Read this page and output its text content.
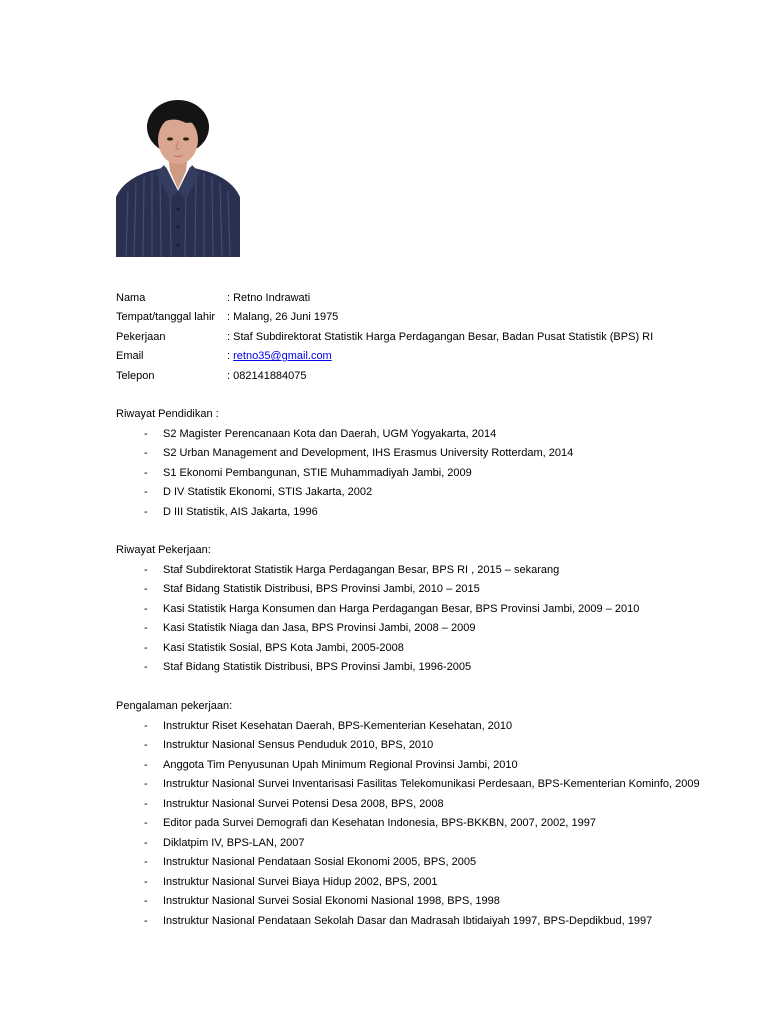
Nama	: Retno Indrawati
Tempat/tanggal lahir : Malang, 26 Juni 1975
Pekerjaan	: Staf Subdirektorat Statistik Harga Perdagangan Besar, Badan Pusat Statistik (BPS) RI
Email	: retno35@gmail.com
Telepon	: 082141884075
Riwayat Pendidikan :
- S2 Magister Perencanaan Kota dan Daerah, UGM Yogyakarta, 2014
- S2 Urban Management and Development, IHS Erasmus University Rotterdam, 2014
- S1 Ekonomi Pembangunan, STIE Muhammadiyah Jambi, 2009
- D IV Statistik Ekonomi, STIS Jakarta, 2002
- D III Statistik, AIS Jakarta, 1996
Riwayat Pekerjaan:
- Staf Subdirektorat Statistik Harga Perdagangan Besar, BPS RI , 2015 – sekarang
- Staf Bidang Statistik Distribusi, BPS Provinsi Jambi, 2010 – 2015
- Kasi Statistik Harga Konsumen dan Harga Perdagangan Besar, BPS Provinsi Jambi, 2009 – 2010
- Kasi Statistik Niaga dan Jasa, BPS Provinsi Jambi, 2008 – 2009
- Kasi Statistik Sosial, BPS Kota Jambi, 2005-2008
- Staf Bidang Statistik Distribusi, BPS Provinsi Jambi, 1996-2005
Pengalaman pekerjaan:
- Instruktur Riset Kesehatan Daerah, BPS-Kementerian Kesehatan, 2010
- Instruktur Nasional Sensus Penduduk 2010, BPS, 2010
- Anggota Tim Penyusunan Upah Minimum Regional Provinsi Jambi, 2010
- Instruktur Nasional Survei Inventarisasi Fasilitas Telekomunikasi Perdesaan, BPS-Kementerian Kominfo, 2009
- Instruktur Nasional Survei Potensi Desa 2008, BPS, 2008
- Editor pada Survei Demografi dan Kesehatan Indonesia, BPS-BKKBN, 2007, 2002, 1997
- Diklatpim IV, BPS-LAN, 2007
- Instruktur Nasional Pendataan Sosial Ekonomi 2005, BPS, 2005
- Instruktur Nasional Survei Biaya Hidup 2002, BPS, 2001
- Instruktur Nasional Survei Sosial Ekonomi Nasional 1998, BPS, 1998
- Instruktur Nasional Pendataan Sekolah Dasar dan Madrasah Ibtidaiyah 1997, BPS-Depdikbud, 1997
